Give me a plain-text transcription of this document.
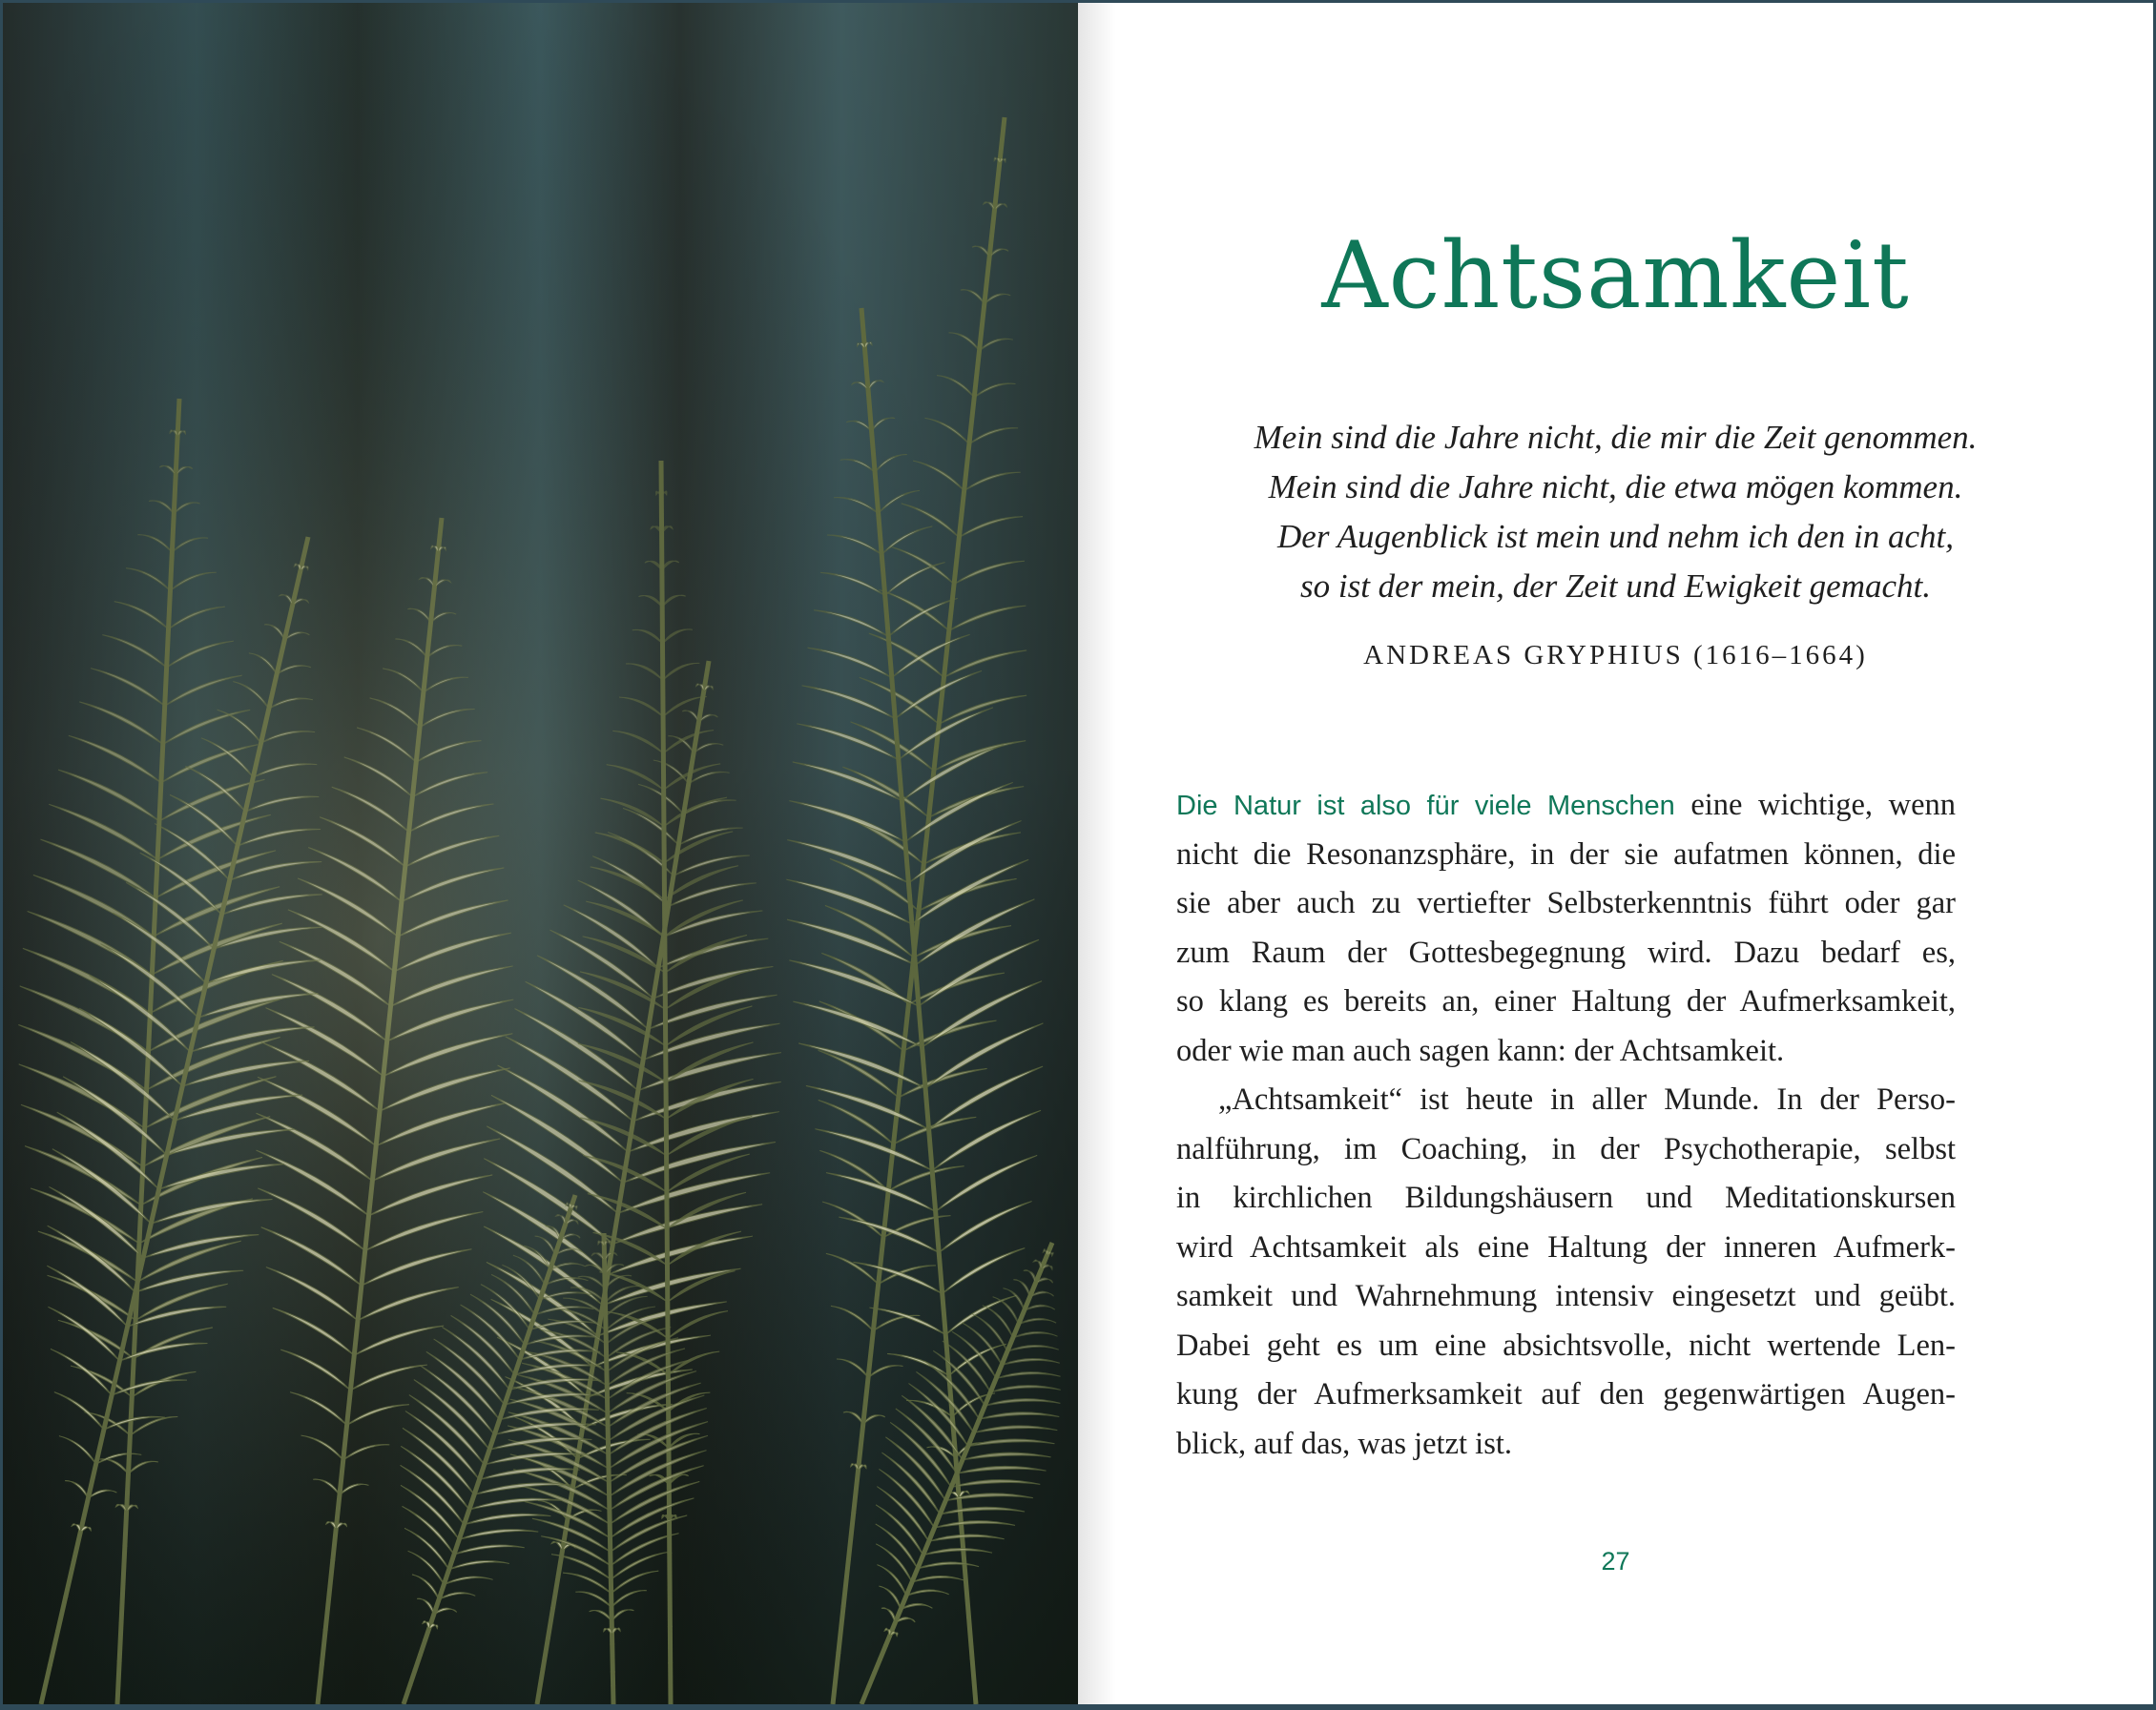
Achtsamkeit
Mein sind die Jahre nicht, die mir die Zeit genommen.
Mein sind die Jahre nicht, die etwa mögen kommen.
Der Augenblick ist mein und nehm ich den in acht,
so ist der mein, der Zeit und Ewigkeit gemacht.
ANDREAS GRYPHIUS (1616–1664)
Die Natur ist also für viele Menschen eine wichtige, wenn
nicht die Resonanzsphäre, in der sie aufatmen können, die
sie aber auch zu vertiefter Selbsterkenntnis führt oder gar
zum Raum der Gottesbegegnung wird. Dazu bedarf es,
so klang es bereits an, einer Haltung der Aufmerksamkeit,
oder wie man auch sagen kann: der Achtsamkeit.
„Achtsamkeit“ ist heute in aller Munde. In der Perso-
nalführung, im Coaching, in der Psychotherapie, selbst
in kirchlichen Bildungshäusern und Meditationskursen
wird Achtsamkeit als eine Haltung der inneren Aufmerk-
samkeit und Wahrnehmung intensiv eingesetzt und geübt.
Dabei geht es um eine absichtsvolle, nicht wertende Len-
kung der Aufmerksamkeit auf den gegenwärtigen Augen-
blick, auf das, was jetzt ist.
27
